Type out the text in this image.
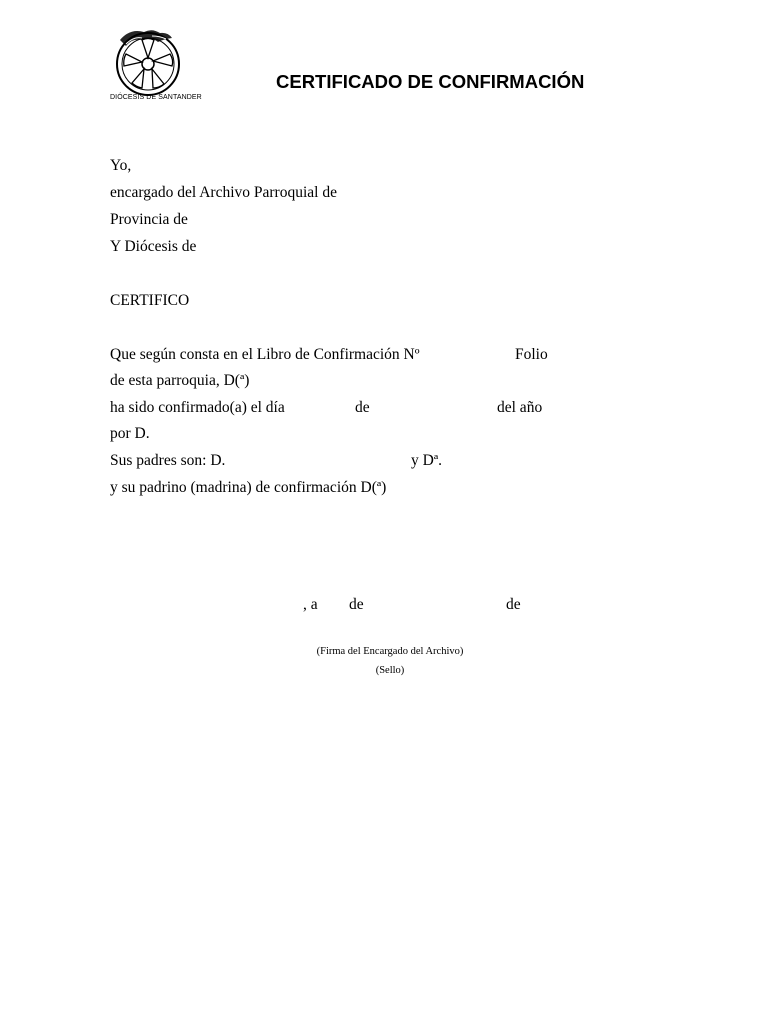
DIÓCESIS DE SANTANDER
CERTIFICADO DE CONFIRMACIÓN
Yo,
encargado del Archivo Parroquial de
Provincia de
Y Diócesis de
CERTIFICO
Que según consta en el Libro de Confirmación Nº	Folio
de esta parroquia, D(ª)
ha sido confirmado(a) el día	de	del año
por D.
Sus padres son: D.	y Dª.
y su padrino (madrina) de confirmación D(ª)
, a de	de
(Firma del Encargado del Archivo)
(Sello)
